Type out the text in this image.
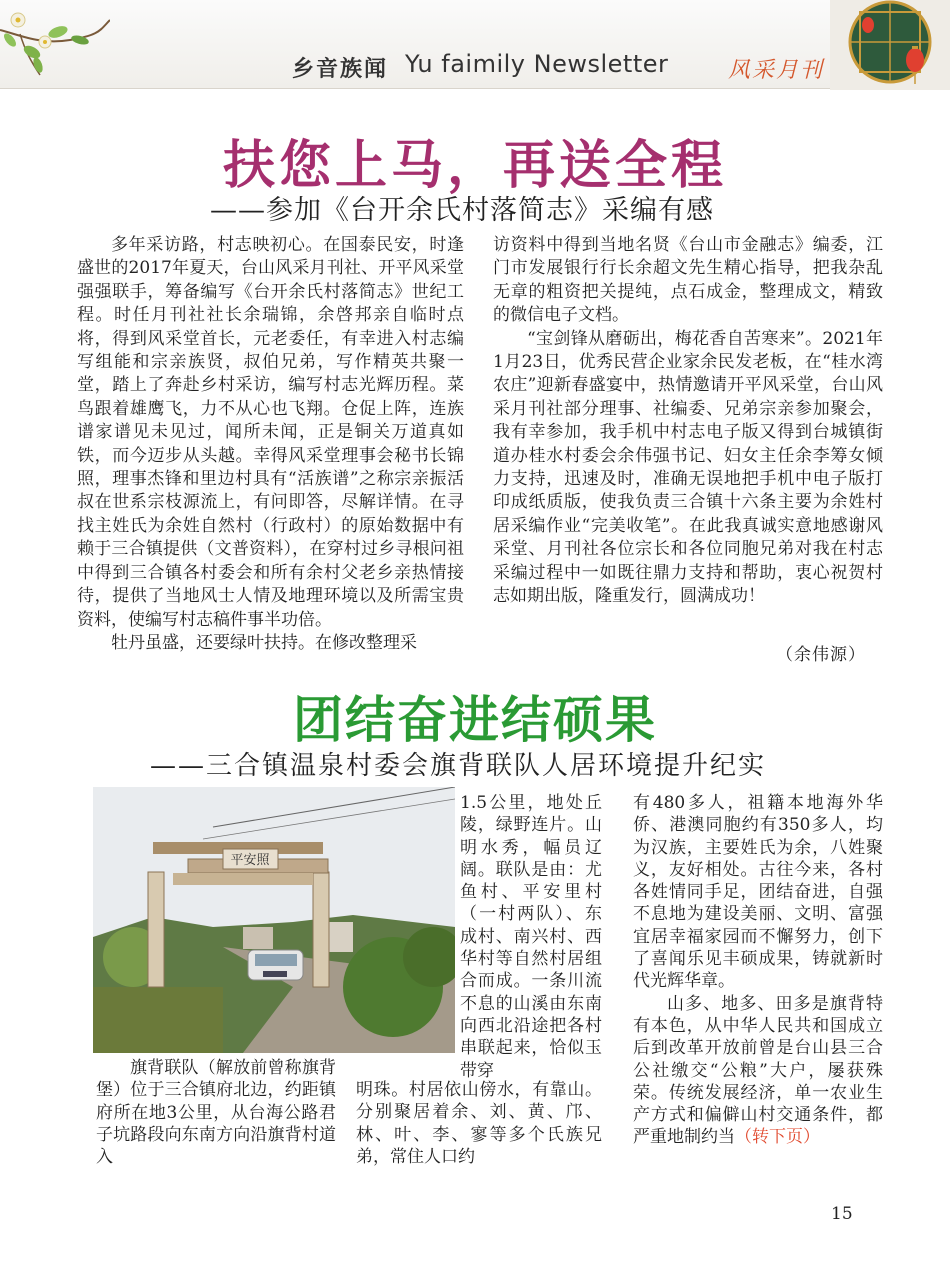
乡音族闻 Yu faimily Newsletter	风采月刊
扶您上马，再送全程
——参加《台开余氏村落简志》采编有感

多年采访路，村志映初心。在国泰民安，时逢盛世的2017年夏天，台山风采月刊社、开平风采堂强强联手，筹备编写《台开余氏村落简志》世纪工程。时任月刊社社长余瑞锦，余啓邦亲自临时点将，得到风采堂首长，元老委任，有幸进入村志编写组能和宗亲族贤，叔伯兄弟，写作精英共聚一堂，踏上了奔赴乡村采访，编写村志光辉历程。菜鸟跟着雄鹰飞，力不从心也飞翔。仓促上阵，连族谱家谱见未见过，闻所未闻，正是铜关万道真如铁，而今迈步从头越。幸得风采堂理事会秘书长锦照，理事杰锋和里边村具有“活族谱”之称宗亲振活叔在世系宗枝源流上，有问即答，尽解详情。在寻找主姓氏为余姓自然村（行政村）的原始数据中有赖于三合镇提供（文普资料），在穿村过乡寻根问祖中得到三合镇各村委会和所有余村父老乡亲热情接待，提供了当地风士人情及地理环境以及所需宝贵资料，使编写村志稿件事半功倍。

牡丹虽盛，还要绿叶扶持。在修改整理采

访资料中得到当地名贤《台山市金融志》编委，江门市发展银行行长余超文先生精心指导，把我杂乱无章的粗资把关提纯，点石成金，整理成文，精致的微信电子文档。

“宝剑锋从磨砺出，梅花香自苦寒来”。2021年1月23日，优秀民营企业家余民发老板，在“桂水湾农庄”迎新春盛宴中，热情邀请开平风采堂，台山风采月刊社部分理事、社编委、兄弟宗亲参加聚会，我有幸参加，我手机中村志电子版又得到台城镇街道办桂水村委会余伟强书记、妇女主任余李筹女倾力支持，迅速及时，准确无误地把手机中电子版打印成纸质版，使我负责三合镇十六条主要为余姓村居采编作业“完美收笔”。在此我真诚实意地感谢风采堂、月刊社各位宗长和各位同胞兄弟对我在村志采编过程中一如既往鼎力支持和帮助，衷心祝贺村志如期出版，隆重发行，圆满成功！

（余伟源）
团结奋进结硕果
——三合镇温泉村委会旗背联队人居环境提升纪实
平安照

旗背联队（解放前曾称旗背堡）位于三合镇府北边，约距镇府所在地3公里，从台海公路君子坑路段向东南方向沿旗背村道入

1.5公里，地处丘陵，绿野连片。山明水秀，幅员辽阔。联队是由：尤鱼村、平安里村（一村两队）、东成村、南兴村、西华村等自然村居组合而成。一条川流不息的山溪由东南向西北沿途把各村串联起来，恰似玉带穿

明珠。村居依山傍水，有靠山。分别聚居着余、刘、黄、邝、林、叶、李、寥等多个氏族兄弟，常住人口约

有480多人，祖籍本地海外华侨、港澳同胞约有350多人，均为汉族，主要姓氏为余，八姓聚义，友好相处。古往今来，各村各姓情同手足，团结奋进，自强不息地为建设美丽、文明、富强宜居幸福家园而不懈努力，创下了喜闻乐见丰硕成果，铸就新时代光辉华章。

山多、地多、田多是旗背特有本色，从中华人民共和国成立后到改革开放前曾是台山县三合公社缴交“公粮”大户，屡获殊荣。传统发展经济，单一农业生产方式和偏僻山村交通条件，都严重地制约当（转下页）

15
